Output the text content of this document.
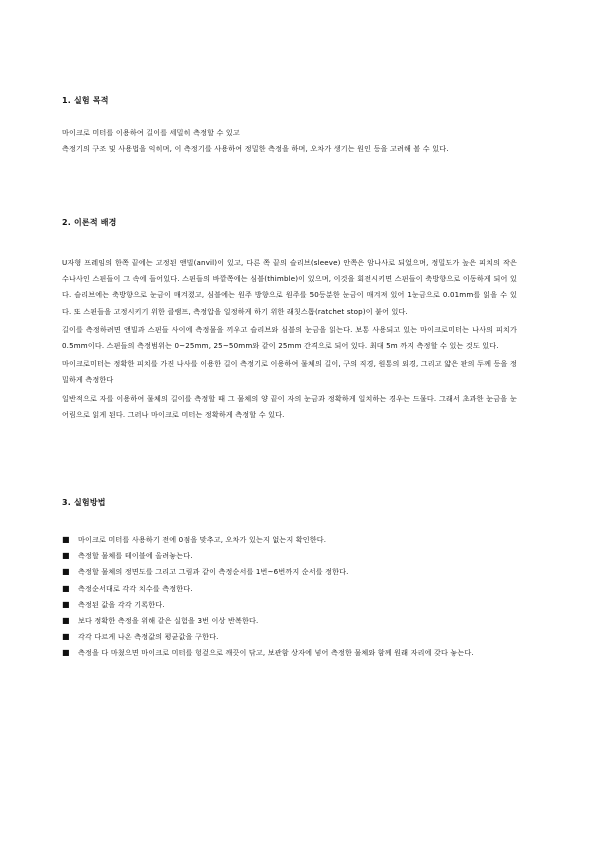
1. 실험 목적

마이크로 미터를 이용하여 길이를 세밀히 측정할 수 있고

측정기의 구조 및 사용법을 익히며, 이 측정기를 사용하여 정밀한 측정을 하며, 오차가 생기는 원인 등을 고려해 볼 수 있다.

2. 이론적 배경

U자형 프레임의 한쪽 끝에는 고정된 앤빌(anvil)이 있고, 다른 쪽 끝의 슬리브(sleeve) 안쪽은 암나사로 되었으며, 정밀도가 높은 피치의 작은 수나사인 스핀들이 그 속에 들어있다. 스핀들의 바깥쪽에는 심블(thimble)이 있으며, 이것을 회전시키면 스핀들이 축방향으로 이동하게 되어 있다. 슬리브에는 축방향으로 눈금이 매겨졌고, 심블에는 원주 방향으로 원주를 50등분한 눈금이 매겨져 있어 1눈금으로 0.01mm를 읽을 수 있다. 또 스핀들을 고정시키기 위한 클램프, 측정압을 일정하게 하기 위한 래칫스톱(ratchet stop)이 붙어 있다.

길이를 측정하려면 앤빌과 스핀들 사이에 측정물을 끼우고 슬리브와 심블의 눈금을 읽는다. 보통 사용되고 있는 마이크로미터는 나사의 피치가 0.5mm이다. 스핀들의 측정범위는 0~25mm, 25~50mm와 같이 25mm 간격으로 되어 있다. 최대 5m 까지 측정할 수 있는 것도 있다.

마이크로미터는 정확한 피치를 가진 나사를 이용한 길이 측정기로 이용하여 물체의 길이, 구의 직경, 원통의 외경, 그리고 얇은 판의 두께 등을 정밀하게 측정한다

일반적으로 자를 이용하여 물체의 길이를 측정할 때 그 물체의 양 끝이 자의 눈금과 정확하게 일치하는 경우는 드물다. 그래서 초과한 눈금을 눈어림으로 읽게 된다. 그러나 마이크로 미터는 정확하게 측정할 수 있다.

3. 실험방법
■	마이크로 미터를 사용하기 전에 0점을 맞추고, 오차가 있는지 없는지 확인한다.
■	측정할 물체를 테이블에 올려놓는다.
■	측정할 물체의 정면도를 그리고 그림과 같이 측정순서를 1번~6번까지 순서를 정한다.
■	측정순서대로 각각 치수를 측정한다.
■	측정된 값을 각각 기록한다.
■	보다 정확한 측정을 위해 같은 실험을 3번 이상 반복한다.
■	각각 다르게 나온 측정값의 평균값을 구한다.
■	측정을 다 마쳤으면 마이크로 미터를 헝겊으로 깨끗이 닦고, 보관함 상자에 넣어 측정한 물체와 함께 원래 자리에 갖다 놓는다.
